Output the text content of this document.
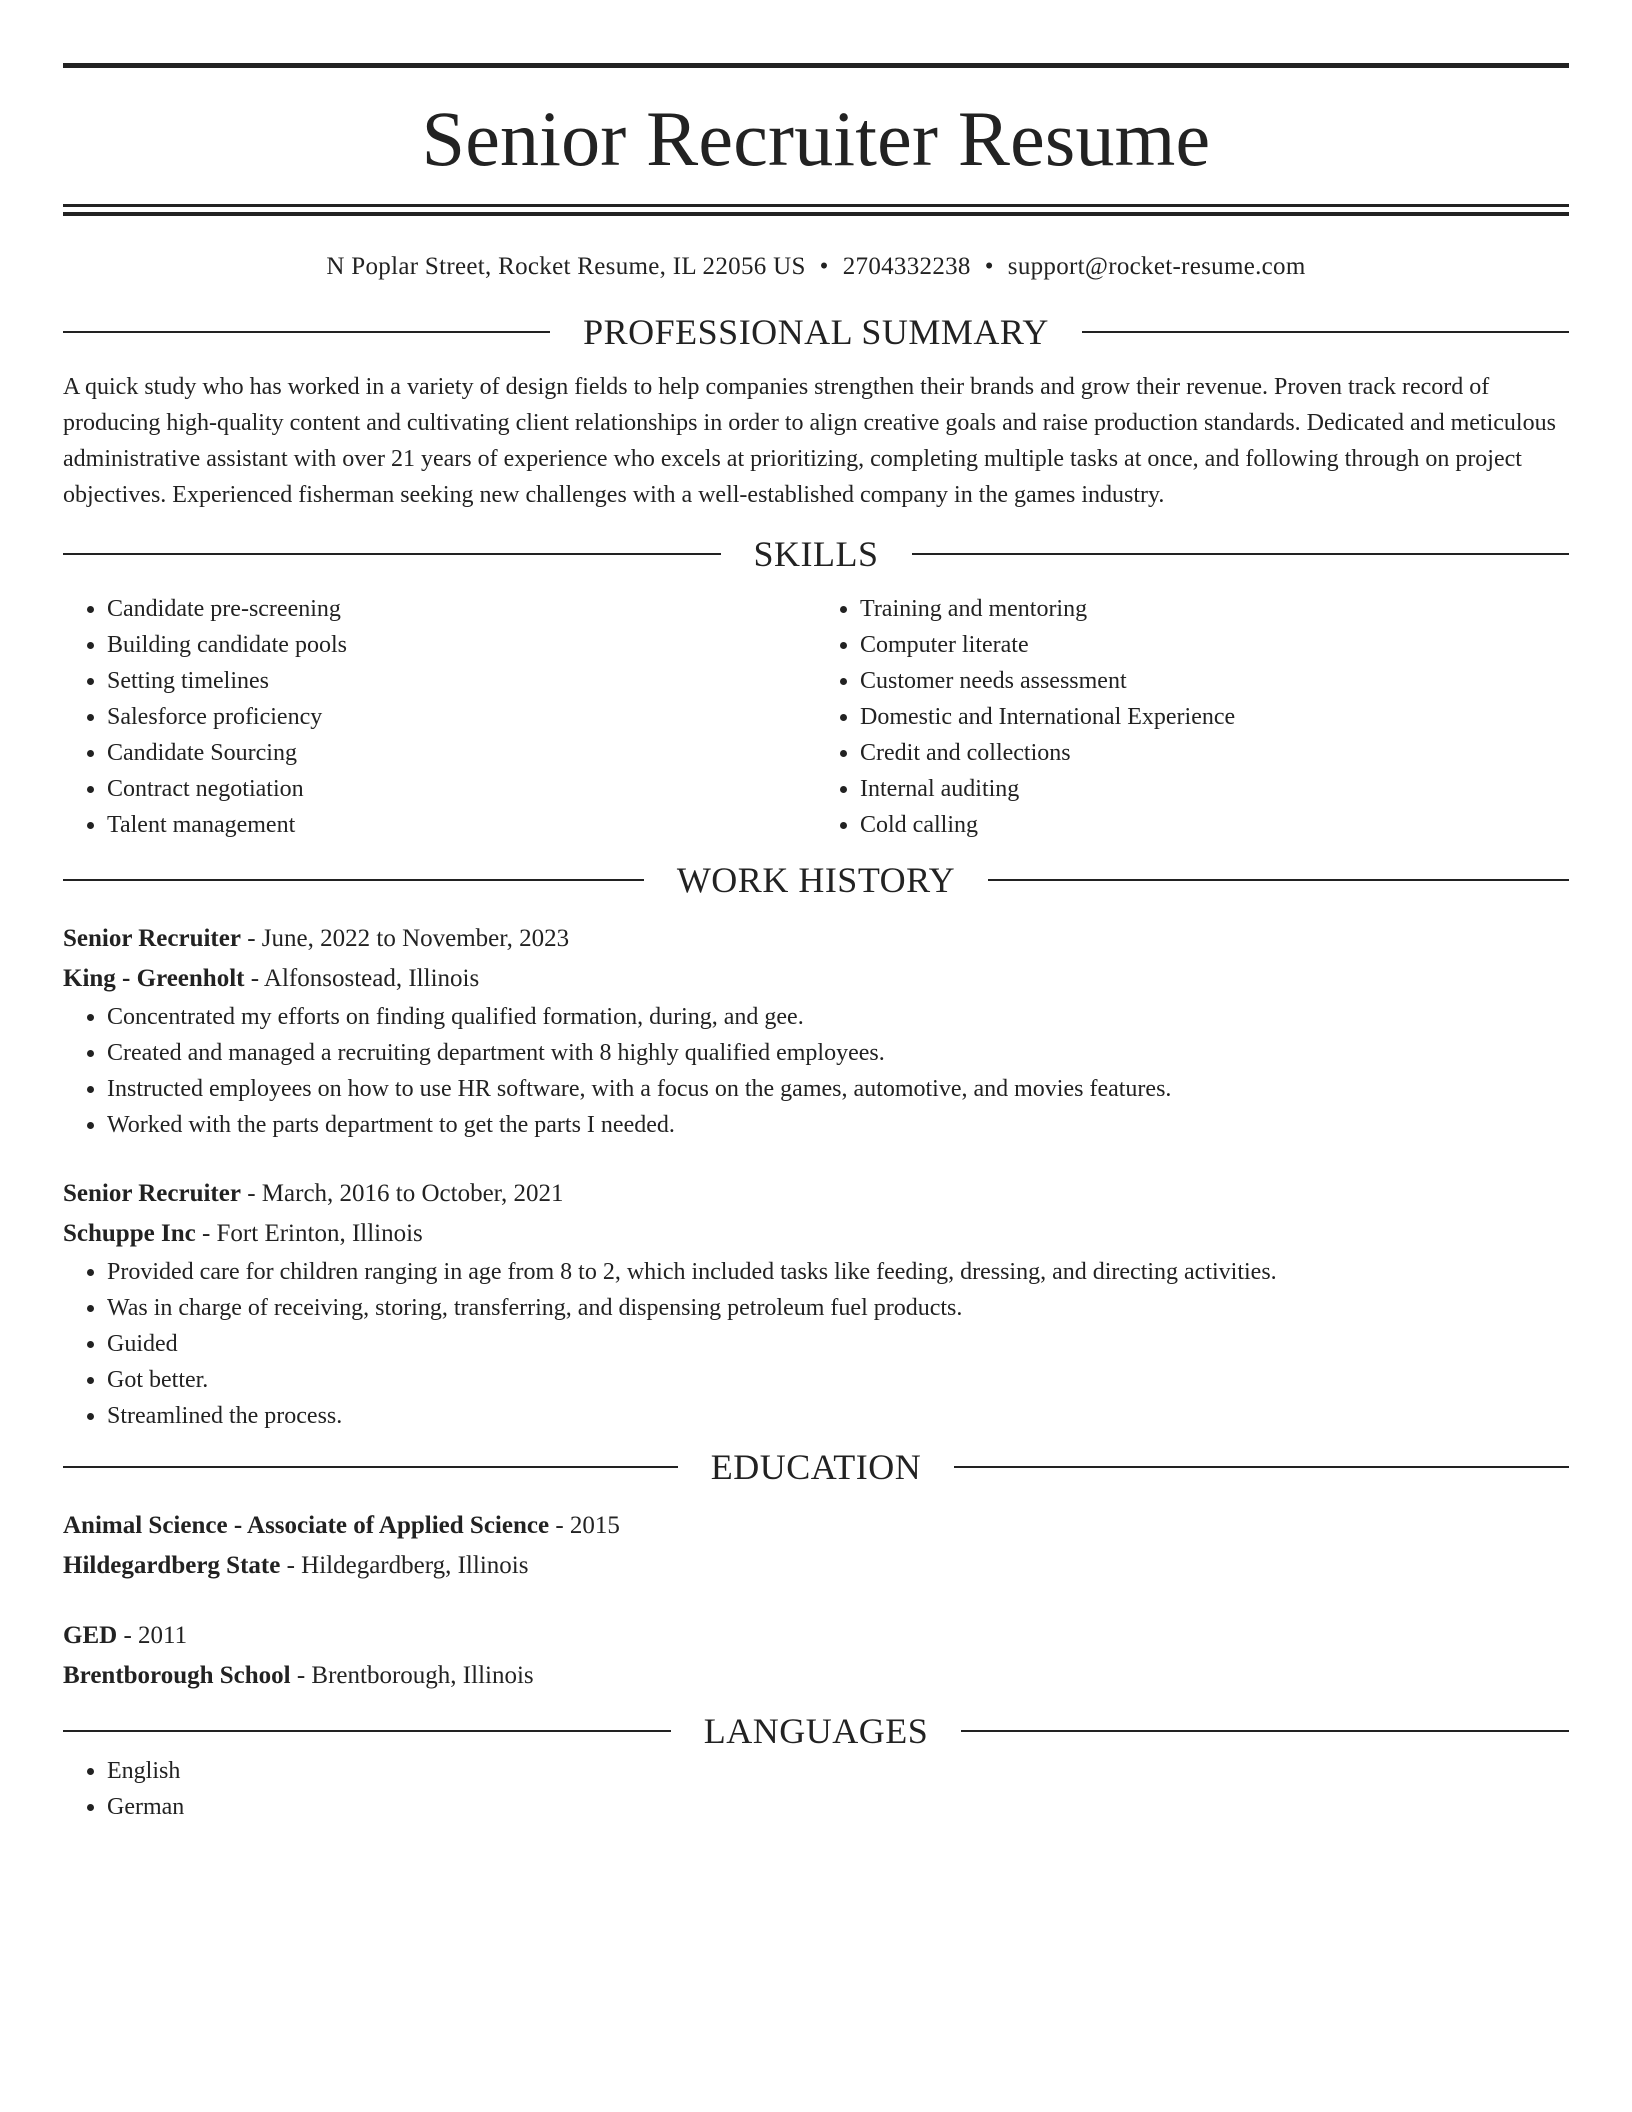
Senior Recruiter Resume
N Poplar Street, Rocket Resume, IL 22056 US • 2704332238 • support@rocket-resume.com
PROFESSIONAL SUMMARY
A quick study who has worked in a variety of design fields to help companies strengthen their brands and grow their revenue. Proven track record of producing high-quality content and cultivating client relationships in order to align creative goals and raise production standards. Dedicated and meticulous administrative assistant with over 21 years of experience who excels at prioritizing, completing multiple tasks at once, and following through on project objectives. Experienced fisherman seeking new challenges with a well-established company in the games industry.
SKILLS
• Candidate pre-screening
• Building candidate pools
• Setting timelines
• Salesforce proficiency
• Candidate Sourcing
• Contract negotiation
• Talent management
• Training and mentoring
• Computer literate
• Customer needs assessment
• Domestic and International Experience
• Credit and collections
• Internal auditing
• Cold calling
WORK HISTORY
Senior Recruiter - June, 2022 to November, 2023
King - Greenholt - Alfonsostead, Illinois
• Concentrated my efforts on finding qualified formation, during, and gee.
• Created and managed a recruiting department with 8 highly qualified employees.
• Instructed employees on how to use HR software, with a focus on the games, automotive, and movies features.
• Worked with the parts department to get the parts I needed.
Senior Recruiter - March, 2016 to October, 2021
Schuppe Inc - Fort Erinton, Illinois
• Provided care for children ranging in age from 8 to 2, which included tasks like feeding, dressing, and directing activities.
• Was in charge of receiving, storing, transferring, and dispensing petroleum fuel products.
• Guided
• Got better.
• Streamlined the process.
EDUCATION
Animal Science - Associate of Applied Science - 2015
Hildegardberg State - Hildegardberg, Illinois
GED - 2011
Brentborough School - Brentborough, Illinois
LANGUAGES
• English
• German
